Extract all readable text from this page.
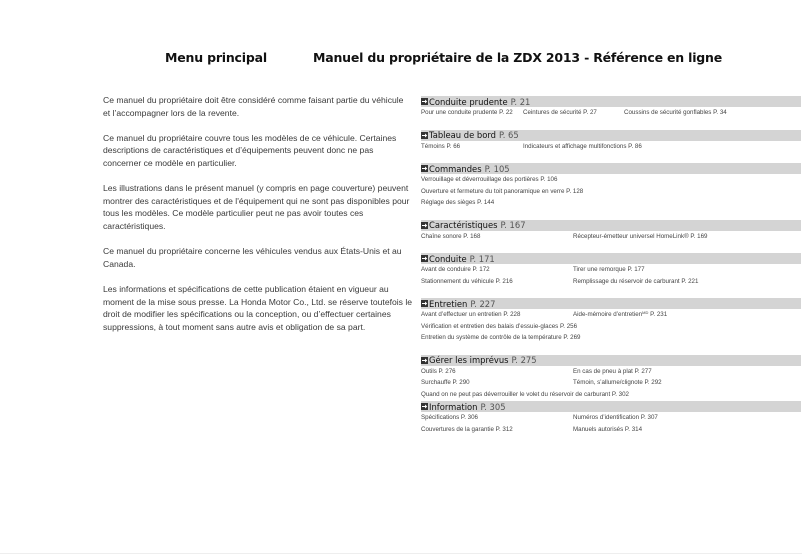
Menu principal	Manuel du propriétaire de la ZDX 2013 - Référence en ligne

Ce manuel du propriétaire doit être considéré comme faisant partie du véhicule et l’accompagner lors de la revente.

Ce manuel du propriétaire couvre tous les modèles de ce véhicule. Certaines descriptions de caractéristiques et d’équipements peuvent donc ne pas concerner ce modèle en particulier.

Les illustrations dans le présent manuel (y compris en page couverture) peuvent montrer des caractéristiques et de l'équipement qui ne sont pas disponibles pour tous les modèles. Ce modèle particulier peut ne pas avoir toutes ces caractéristiques.

Ce manuel du propriétaire concerne les véhicules vendus aux États-Unis et au Canada.

Les informations et spécifications de cette publication étaient en vigueur au moment de la mise sous presse. La Honda Motor Co., Ltd. se réserve toutefois le droit de modifier les spécifications ou la conception, ou d’effectuer certaines suppressions, à tout moment sans autre avis et obligation de sa part.

Conduite prudente P. 21
Pour une conduite prudente P. 22 Ceintures de sécurité P. 27	Coussins de sécurité gonflables P. 34
Tableau de bord P. 65
Témoins P. 66	Indicateurs et affichage multifonctions P. 86
Commandes P. 105
Verrouillage et déverrouillage des portières P. 106
Ouverture et fermeture du toit panoramique en verre P. 128
Réglage des sièges P. 144
Caractéristiques P. 167
Chaîne sonore P. 168	Récepteur-émetteur universel HomeLink® P. 169
Conduite P. 171
Avant de conduire P. 172	Tirer une remorque P. 177
Stationnement du véhicule P. 216	Remplissage du réservoir de carburant P. 221
Entretien P. 227
Avant d’effectuer un entretien P. 228	Aide-mémoire d’entretien$^{MD}$ P. 231
Vérification et entretien des balais d’essuie-glaces P. 256
Entretien du système de contrôle de la température P. 269
Gérer les imprévus P. 275
Outils P. 276	En cas de pneu à plat P. 277
Surchauffe P. 290	Témoin, s’allume/clignote P. 292
Quand on ne peut pas déverrouiller le volet du réservoir de carburant P. 302
Information P. 305
Spécifications P. 306	Numéros d’identification P. 307
Couvertures de la garantie P. 312	Manuels autorisés P. 314
